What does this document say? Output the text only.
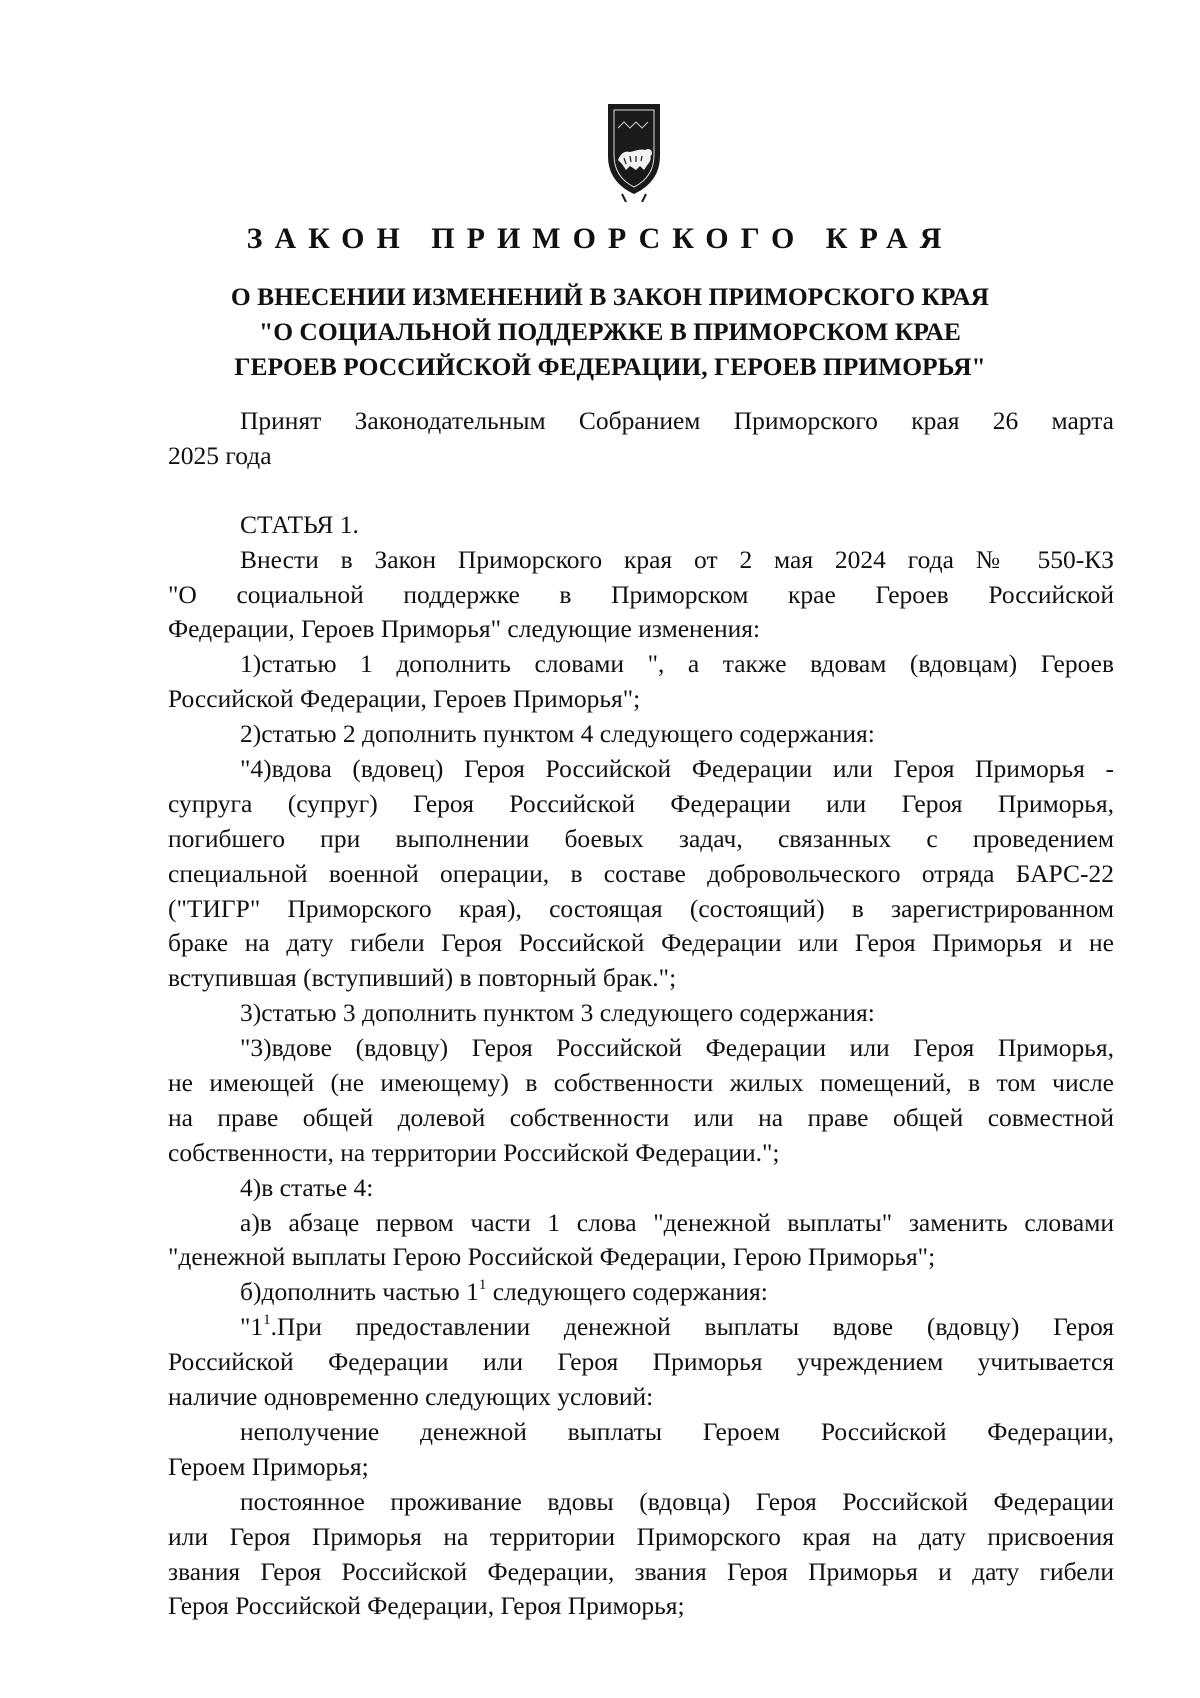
ЗАКОН ПРИМОРСКОГО КРАЯ
О ВНЕСЕНИИ ИЗМЕНЕНИЙ В ЗАКОН ПРИМОРСКОГО КРАЯ
"О СОЦИАЛЬНОЙ ПОДДЕРЖКЕ В ПРИМОРСКОМ КРАЕ
ГЕРОЕВ РОССИЙСКОЙ ФЕДЕРАЦИИ, ГЕРОЕВ ПРИМОРЬЯ"
Принят Законодательным Собранием Приморского края 26 марта
2025 года
СТАТЬЯ 1.
Внести в Закон Приморского края от 2 мая 2024 года № 550-КЗ
"О социальной поддержке в Приморском крае Героев Российской
Федерации, Героев Приморья" следующие изменения:
1)статью 1 дополнить словами ", а также вдовам (вдовцам) Героев
Российской Федерации, Героев Приморья";
2)статью 2 дополнить пунктом 4 следующего содержания:
"4)вдова (вдовец) Героя Российской Федерации или Героя Приморья -
супруга (супруг) Героя Российской Федерации или Героя Приморья,
погибшего при выполнении боевых задач, связанных с проведением
специальной военной операции, в составе добровольческого отряда БАРС-22
("ТИГР" Приморского края), состоящая (состоящий) в зарегистрированном
браке на дату гибели Героя Российской Федерации или Героя Приморья и не
вступившая (вступивший) в повторный брак.";
3)статью 3 дополнить пунктом 3 следующего содержания:
"3)вдове (вдовцу) Героя Российской Федерации или Героя Приморья,
не имеющей (не имеющему) в собственности жилых помещений, в том числе
на праве общей долевой собственности или на праве общей совместной
собственности, на территории Российской Федерации.";
4)в статье 4:
а)в абзаце первом части 1 слова "денежной выплаты" заменить словами
"денежной выплаты Герою Российской Федерации, Герою Приморья";
б)дополнить частью $1^1$ следующего содержания:
"$1^1.При$ предоставлении денежной выплаты вдове (вдовцу) Героя
Российской Федерации или Героя Приморья учреждением учитывается
наличие одновременно следующих условий:
неполучение денежной выплаты Героем Российской Федерации,
Героем Приморья;
постоянное проживание вдовы (вдовца) Героя Российской Федерации
или Героя Приморья на территории Приморского края на дату присвоения
звания Героя Российской Федерации, звания Героя Приморья и дату гибели
Героя Российской Федерации, Героя Приморья;
